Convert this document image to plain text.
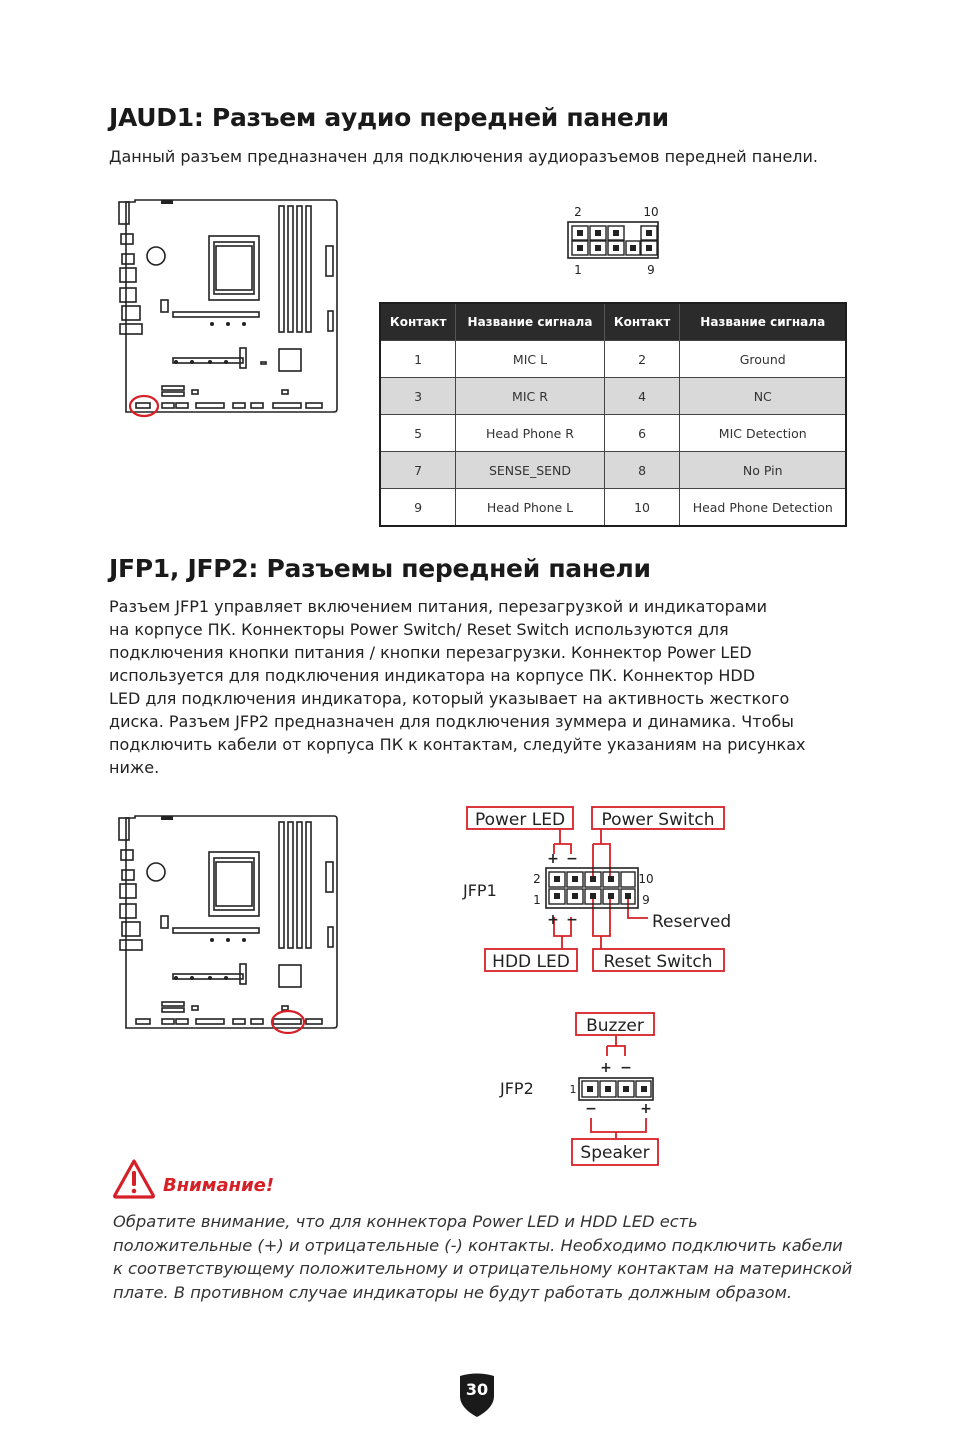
JAUD1: Разъем аудио передней панели
Данный разъем предназначен для подключения аудиоразъемов передней панели.
2	10
1	9
Контакт	Название сигнала	Контакт	Название сигнала
1	MIC L	2	Ground
3	MIC R	4	NC
5	Head Phone R	6	MIC Detection
7	SENSE_SEND	8	No Pin
9	Head Phone L	10	Head Phone Detection
JFP1, JFP2: Разъемы передней панели
Разъем JFP1 управляет включением питания, перезагрузкой и индикаторами
на корпусе ПК. Коннекторы Power Switch/ Reset Switch используются для
подключения кнопки питания / кнопки перезагрузки. Коннектор Power LED
используется для подключения индикатора на корпусе ПК. Коннектор HDD
LED для подключения индикатора, который указывает на активность жесткого
диска. Разъем JFP2 предназначен для подключения зуммера и динамика. Чтобы
подключить кабели от корпуса ПК к контактам, следуйте указаниям на рисунках
ниже.
Power LED Power Switch
HDD LED Reset Switch
Reserved
JFP1
+ −
+ −
2
1
10
9
Buzzer
Speaker
JFP2	1
+ −
−	+
Внимание!
Обратите внимание, что для коннектора Power LED и HDD LED есть
положительные (+) и отрицательные (-) контакты. Необходимо подключить кабели
к соответствующему положительному и отрицательному контактам на материнской
плате. В противном случае индикаторы не будут работать должным образом.
30
